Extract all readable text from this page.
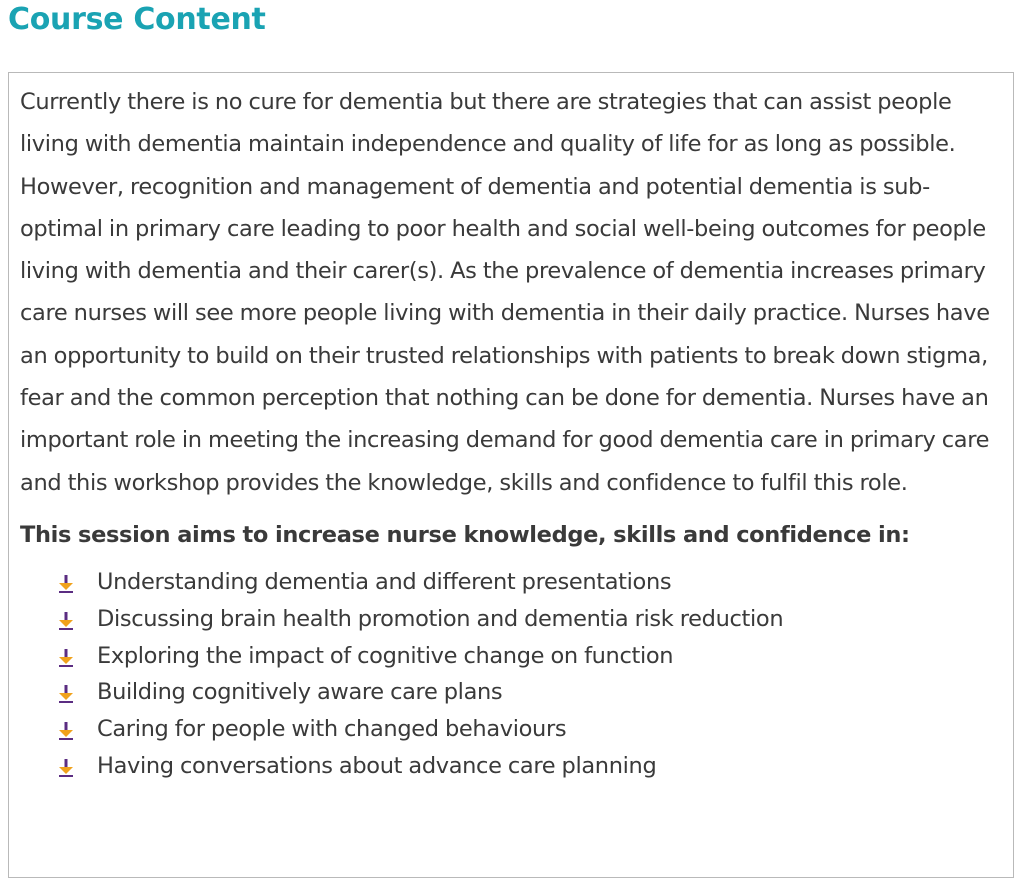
Course Content

Currently there is no cure for dementia but there are strategies that can assist people living with dementia maintain independence and quality of life for as long as possible. However, recognition and management of dementia and potential dementia is sub-optimal in primary care leading to poor health and social well-being outcomes for people living with dementia and their carer(s). As the prevalence of dementia increases primary care nurses will see more people living with dementia in their daily practice. Nurses have an opportunity to build on their trusted relationships with patients to break down stigma, fear and the common perception that nothing can be done for dementia. Nurses have an important role in meeting the increasing demand for good dementia care in primary care and this workshop provides the knowledge, skills and confidence to fulfil this role.

This session aims to increase nurse knowledge, skills and confidence in:

Understanding dementia and different presentations
Discussing brain health promotion and dementia risk reduction
Exploring the impact of cognitive change on function
Building cognitively aware care plans
Caring for people with changed behaviours
Having conversations about advance care planning
